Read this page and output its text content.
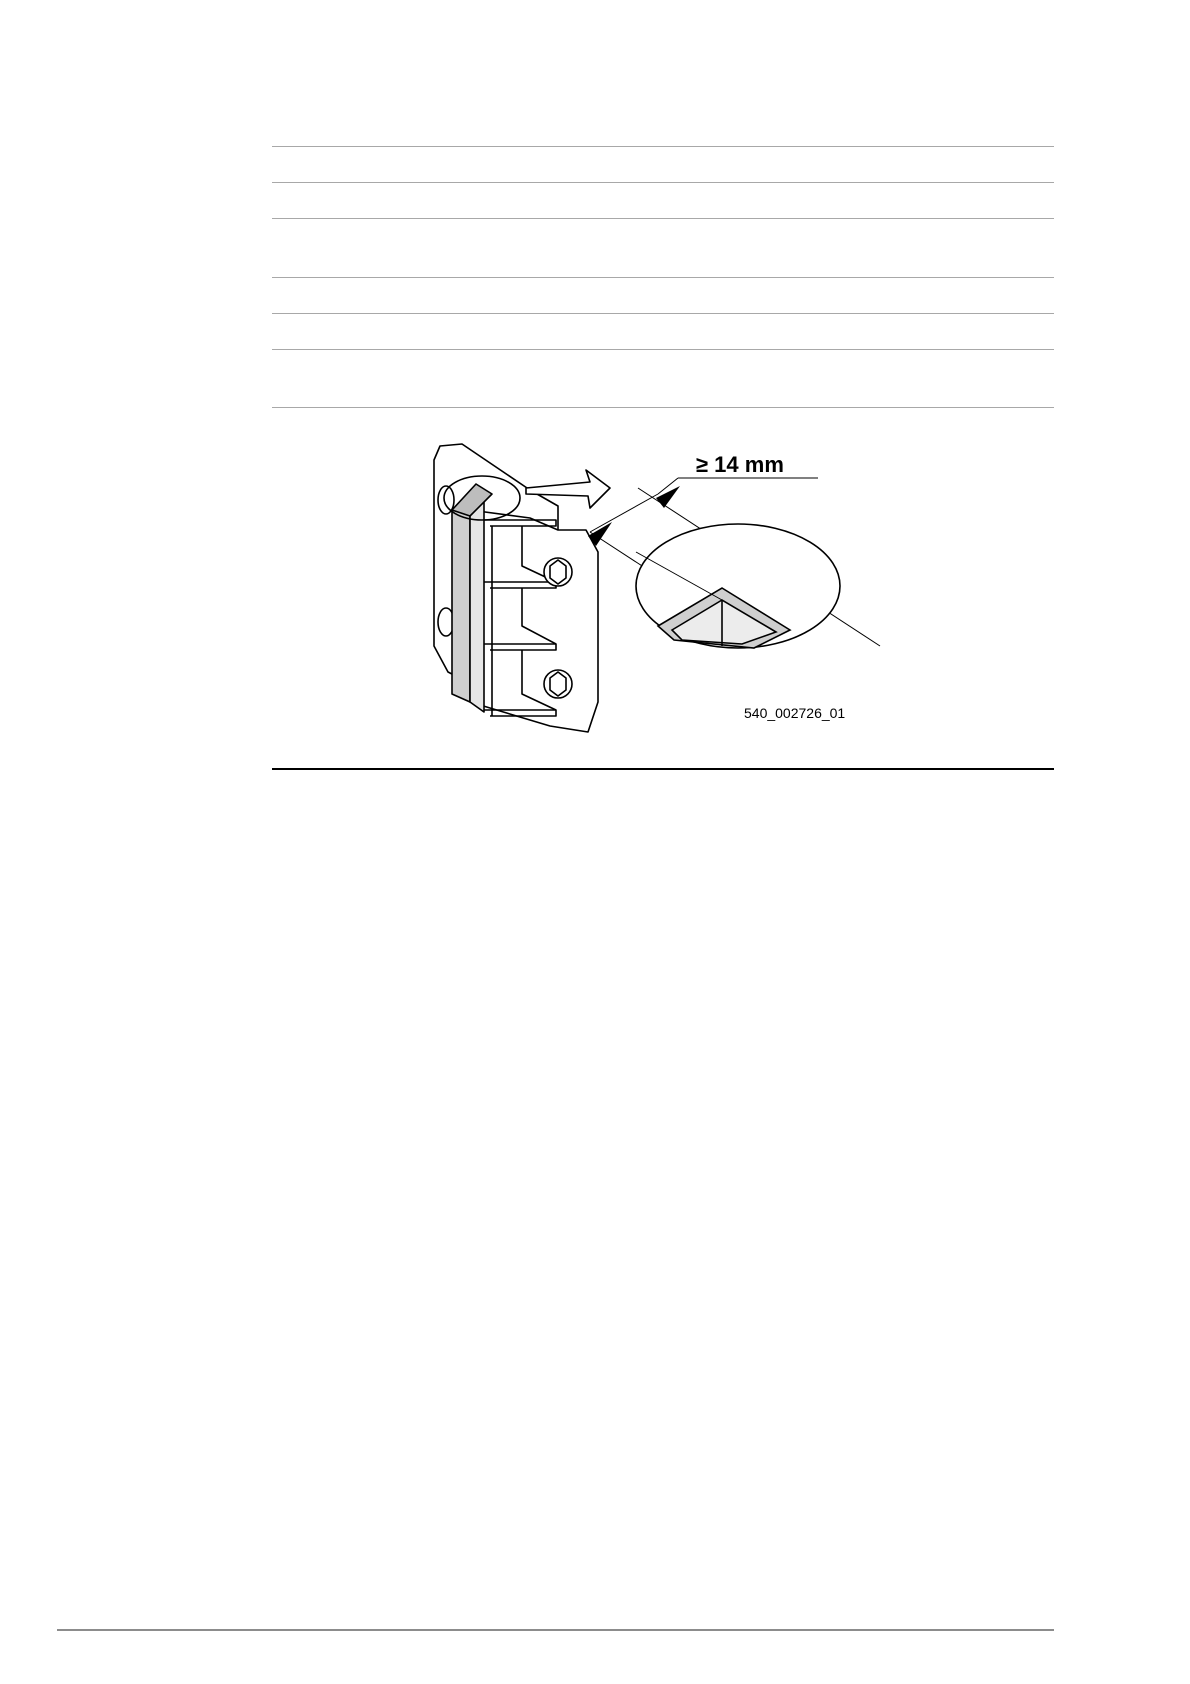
≥ 14 mm
540_002726_01
